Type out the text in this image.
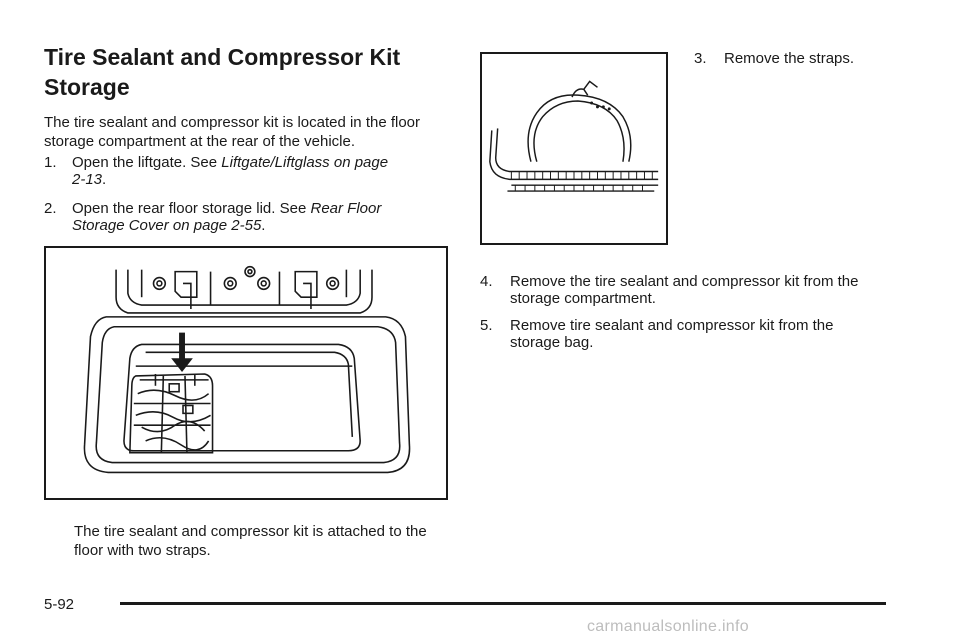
Tire Sealant and Compressor Kit Storage

The tire sealant and compressor kit is located in the floor storage compartment at the rear of the vehicle.

1. Open the liftgate. See Liftgate/Liftglass on page 2-13.
2. Open the rear floor storage lid. See Rear Floor Storage Cover on page 2-55.

The tire sealant and compressor kit is attached to the floor with two straps.

3. Remove the straps.
4. Remove the tire sealant and compressor kit from the storage compartment.
5. Remove tire sealant and compressor kit from the storage bag.
5-92
carmanualsonline.info
